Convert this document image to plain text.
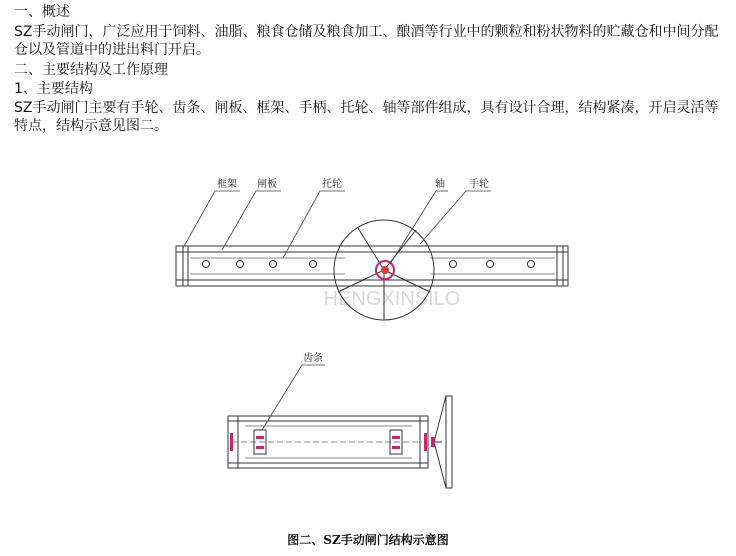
一、概述
SZ手动闸门，广泛应用于饲料、油脂、粮食仓储及粮食加工、酿酒等行业中的颗粒和粉状物料的贮藏仓和中间分配仓以及管道中的进出料门开启。
二、主要结构及工作原理
1、主要结构
SZ手动闸门主要有手轮、齿条、闸板、框架、手柄、托轮、轴等部件组成，具有设计合理，结构紧凑，开启灵活等特点，结构示意见图二。
HENGXINSILO
框架 闸板	托轮	轴 手轮
齿条
图二、SZ手动闸门结构示意图
